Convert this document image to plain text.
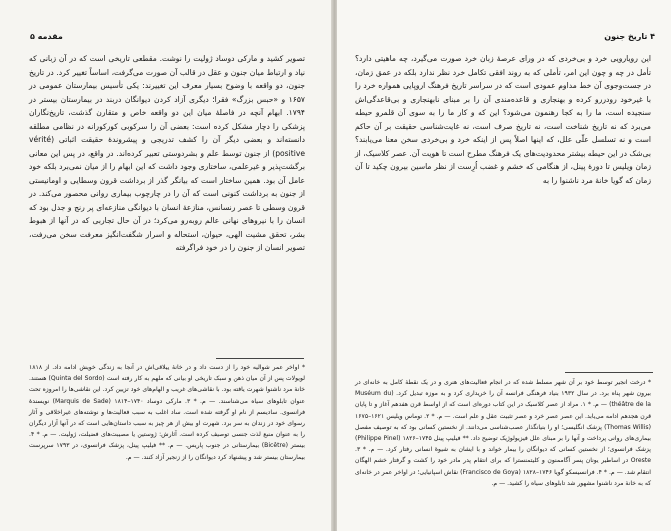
مقدمه ۵

تصویر کشید و مارکی دوساد ژولیت را نوشت. مقطعی تاریخی است که در آن زبانی که نیاد و ارتباط میان جنون و عقل در قالب آن صورت می‌گرفت، اساساً تغییر کرد. در تاریخ جنون، دو واقعه با وضوح بسیار معرف این تغییرند: یکی تأسیس بیمارستان عمومی در ۱۶۵۷ و «حبس بزرگ» فقرا؛ دیگری آزاد کردن دیوانگان دربند در بیمارستان بیستر در ۱۷۹۴. ابهام آنچه در فاصلهٔ میان این دو واقعه خاص و متقارن گذشت، تاریخ‌نگاران پزشکی را دچار مشکل کرده است: بعضی آن را سرکوبی کورکورانه در نظامی مطلقه دانسته‌اند و بعضی دیگر آن را کشف تدریجی و پیشروندهٔ حقیقت اثباتی (vérité positive) از جنون توسط علم و بشردوستی تعبیر کرده‌اند. در واقع، در پس این معانی برگشت‌پذیر و غیرعلمی، ساختاری وجود داشت که این ابهام را از میان نمی‌برد بلکه خود عامل آن بود. همین ساختار است که بیانگر گذر از برداشت قرون وسطایی و اومانیستی از جنون به برداشت کنونی است که آن را در چارچوب بیماری روانی محصور می‌کند. در قرون وسطی تا عصر رنسانس، منازعهٔ انسان با دیوانگی منازعه‌ای پر رنج و جدل بود که انسان را با نیروهای نهانی عالم روبه‌رو می‌کرد؛ در آن حال تجاربی که در آنها از هبوط بشر، تحقق مشیت الهی، حیوان، استحاله و اسرار شگفت‌انگیز معرفت سخن می‌رفت، تصویر انسان از جنون را در خود فراگرفته

* اواخر عمر شوالیه خود را از دست داد و در خانهٔ ییلاقی‌اش در آنجا به زندگی خویش ادامه داد. از ۱۸۱۸ لویولات پس از آن میان ذهن و سبک تاریخی او بیانی که ملهم به کار رفته است (Quinta del Sordo) هستند. خانهٔ مرد ناشنوا شهرت یافته بود. با نقاشی‌های غریب و الهام‌های خود تزیین کرد. این نقاشی‌ها را امروزه تحت عنوان تابلوهای سیاه می‌شناسند. — م. * ۳. مارکی دوساد ۱۷۴۰–۱۸۱۴ (Marquis de Sade) نویسندهٔ فرانسوی. سادیسم از نام او گرفته شده است. ساد اغلب به سبب فعالیت‌ها و نوشته‌های غیراخلاقی و آثار رسوای خود در زندان به سر برد. شهرت او بیش از هر چیز به سبب داستان‌هایی است که در آنها آزار دیگران را به عنوان منبع لذت جنسی توصیف کرده است. آثارش: ژوستین یا مصیبت‌های فضیلت، ژولیت. — م. * ۴. بیستر (Bicêtre) بیمارستانی در جنوب پاریس. — م. ** فیلیپ پینل، پزشک فرانسوی، در ۱۷۹۳ سرپرست بیمارستان بیستر شد و پیشنهاد کرد دیوانگان را از زنجیر آزاد کنند. — م.

۴ تاریخ جنون

این رویارویی خرد و بی‌خردی که در ورای عرصهٔ زبان خرد صورت می‌گیرد، چه ماهیتی دارد؟ تأمل در چه و چون این امر، تأملی که به روند افقی تکامل خرد نظر ندارد بلکه در عمق زمان، در جست‌وجوی آن خط مداوم عمودی است که در سراسر تاریخ فرهنگ اروپایی همواره خرد را با غیرخود رودررو کرده و بهنجاری و قاعده‌مندی آن را بر مبنای نابهنجاری و بی‌قاعدگی‌اش سنجیده است، ما را به کجا رهنمون می‌شود؟ این که و کار ما را به سوی آن قلمرو حیطه می‌برد که نه تاریخ شناخت است، نه تاریخ صرف است، نه غایت‌شناسی حقیقت بر آن حاکم است و نه تسلسل علّی علل، که اینها اصلاً پس از اینکه خرد و بی‌خردی سخن معنا می‌یابند؟ بی‌شک در این حیطه بیشتر محدودیت‌های یک فرهنگ مطرح است تا هویت آن. عصر کلاسیک، از زمان ویلیس تا دورهٔ پینل، از هنگامی که خشم و غضب اُرِست از نظر ماسین بیرون چکید تا آن زمان که گویا خانهٔ مرد ناشنوا را به

* درخت انجیر توسط خود بر آن شهر مسلط شده که در انجام فعالیت‌های هنری و در یک نقطهٔ کامل به خانه‌ای در بیرون شهر پناه برد. در سال ۱۹۳۲ بنیاد فرهنگی فرانسه آن را خریداری کرد و به موزه تبدیل کرد. (Muséum du théâtre de la) — م. * ۱. مراد از عصر کلاسیک در این کتاب دوره‌ای است که از اواسط قرن هفدهم آغاز و تا پایان قرن هجدهم ادامه می‌یابد. این عصر عصر خرد و عصر تثبیت عقل و علم است. — م. * ۲. توماس ویلیس ۱۶۲۱–۱۶۷۵ (Thomas Willis) پزشک انگلیسی؛ او را بنیانگذار عصب‌شناسی می‌دانند. از نخستین کسانی بود که به توصیف مفصل بیماری‌های روانی پرداخت و آنها را بر مبنای علل فیزیولوژیک توضیح داد. ** فیلیپ پینل ۱۷۴۵–۱۸۲۶ (Philippe Pinel) پزشک فرانسوی؛ از نخستین کسانی که دیوانگان را بیمار خواند و با ایشان به شیوهٔ انسانی رفتار کرد. — م. * ۳. Oreste در اساطیر یونان پسر آگاممنون و کلیتمنسترا که برای انتقام پدر مادر خود را کشت و گرفتار خشم الهگان انتقام شد. — م. * ۴. فرانسیسکو گویا ۱۷۴۶–۱۸۲۸ (Francisco de Goya) نقاش اسپانیایی؛ در اواخر عمر در خانه‌ای که به خانهٔ مرد ناشنوا مشهور شد تابلوهای سیاه را کشید. — م.
